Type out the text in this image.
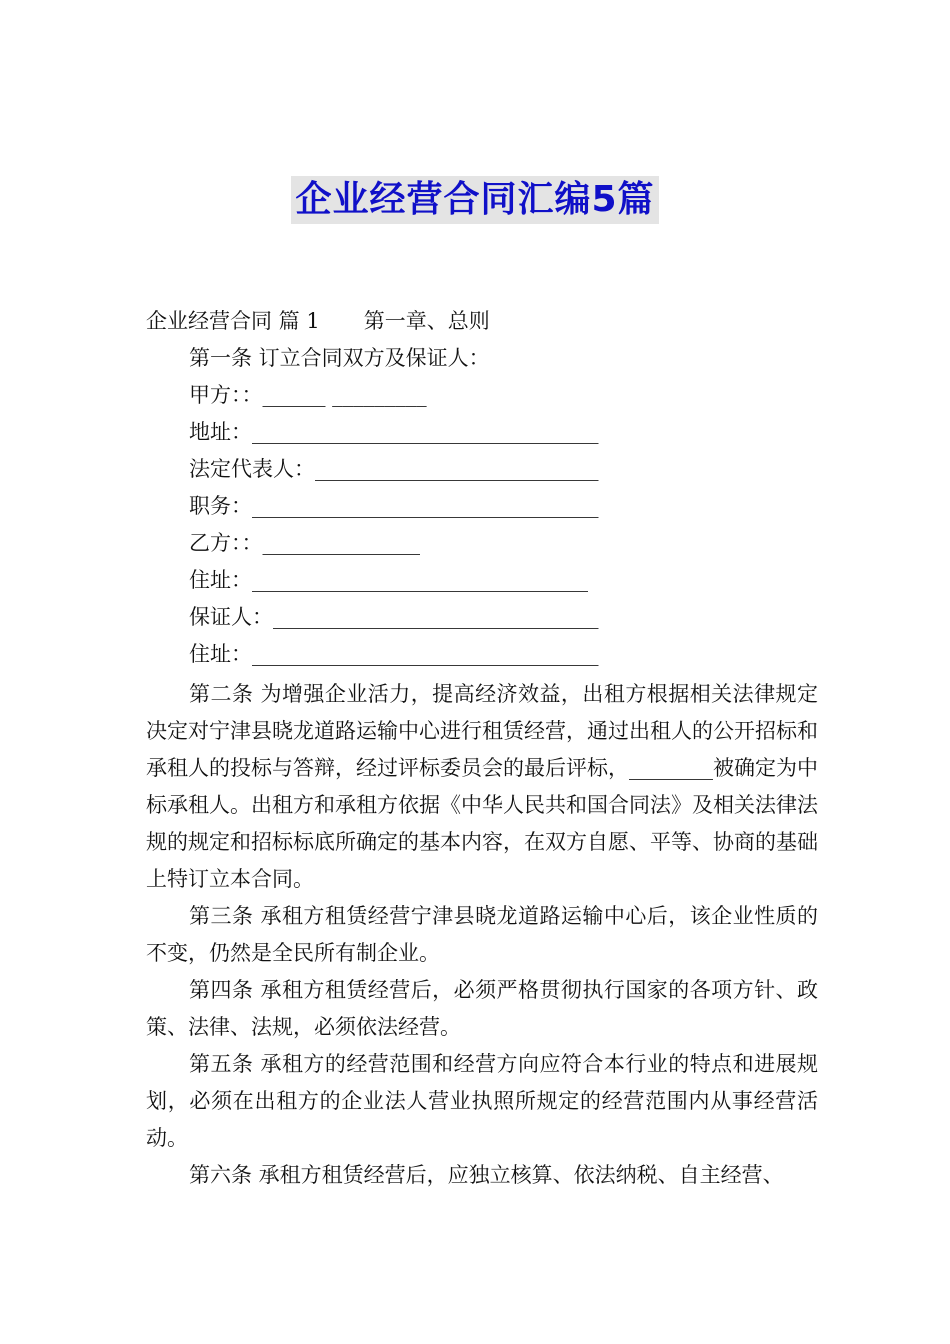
企业经营合同汇编5篇
企业经营合同 篇 1 第一章、总则
第一条 订立合同双方及保证人：
甲方：：______ _________
地址：_________________________________
法定代表人：___________________________
职务：_________________________________
乙方：：_______________
住址：________________________________
保证人：_______________________________
住址：_________________________________
第二条 为增强企业活力，提高经济效益，出租方根据相关法律规定决定对宁津县晓龙道路运输中心进行租赁经营，通过出租人的公开招标和承租人的投标与答辩，经过评标委员会的最后评标，________被确定为中标承租人。出租方和承租方依据《中华人民共和国合同法》及相关法律法规的规定和招标标底所确定的基本内容，在双方自愿、平等、协商的基础上特订立本合同。
第三条 承租方租赁经营宁津县晓龙道路运输中心后，该企业性质的不变，仍然是全民所有制企业。
第四条 承租方租赁经营后，必须严格贯彻执行国家的各项方针、政策、法律、法规，必须依法经营。
第五条 承租方的经营范围和经营方向应符合本行业的特点和进展规划，必须在出租方的企业法人营业执照所规定的经营范围内从事经营活动。
第六条 承租方租赁经营后，应独立核算、依法纳税、自主经营、
